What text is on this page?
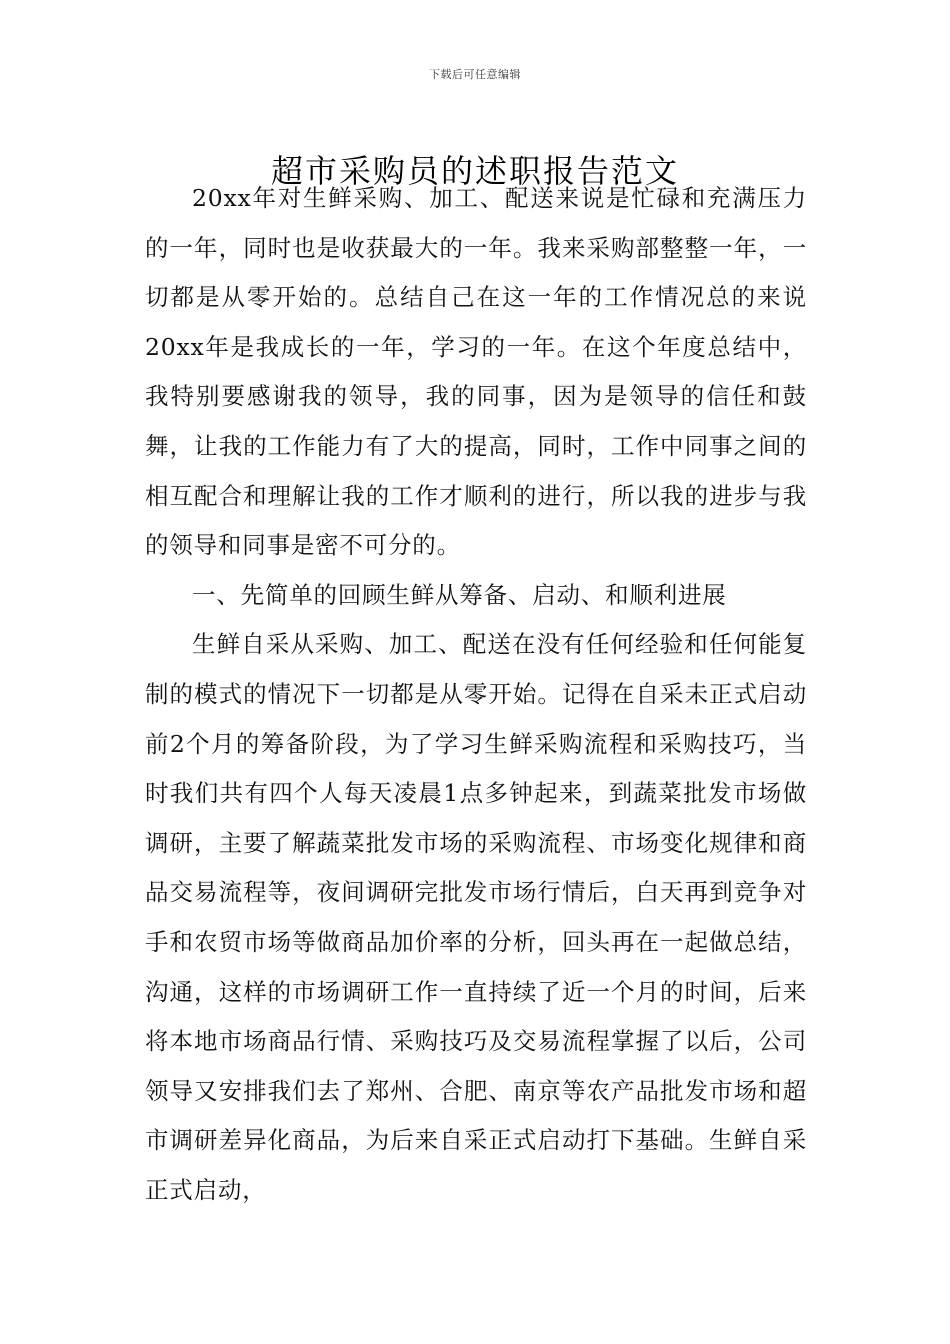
下载后可任意编辑
超市采购员的述职报告范文

20xx年对生鲜采购、加工、配送来说是忙碌和充满压力的一年，同时也是收获最大的一年。我来采购部整整一年，一切都是从零开始的。总结自己在这一年的工作情况总的来说20xx年是我成长的一年，学习的一年。在这个年度总结中，我特别要感谢我的领导，我的同事，因为是领导的信任和鼓舞，让我的工作能力有了大的提高，同时，工作中同事之间的相互配合和理解让我的工作才顺利的进行，所以我的进步与我的领导和同事是密不可分的。

一、先简单的回顾生鲜从筹备、启动、和顺利进展

生鲜自采从采购、加工、配送在没有任何经验和任何能复制的模式的情况下一切都是从零开始。记得在自采未正式启动前2个月的筹备阶段，为了学习生鲜采购流程和采购技巧，当时我们共有四个人每天凌晨1点多钟起来，到蔬菜批发市场做调研，主要了解蔬菜批发市场的采购流程、市场变化规律和商品交易流程等，夜间调研完批发市场行情后，白天再到竞争对手和农贸市场等做商品加价率的分析，回头再在一起做总结，沟通，这样的市场调研工作一直持续了近一个月的时间，后来将本地市场商品行情、采购技巧及交易流程掌握了以后，公司领导又安排我们去了郑州、合肥、南京等农产品批发市场和超市调研差异化商品，为后来自采正式启动打下基础。生鲜自采正式启动，
